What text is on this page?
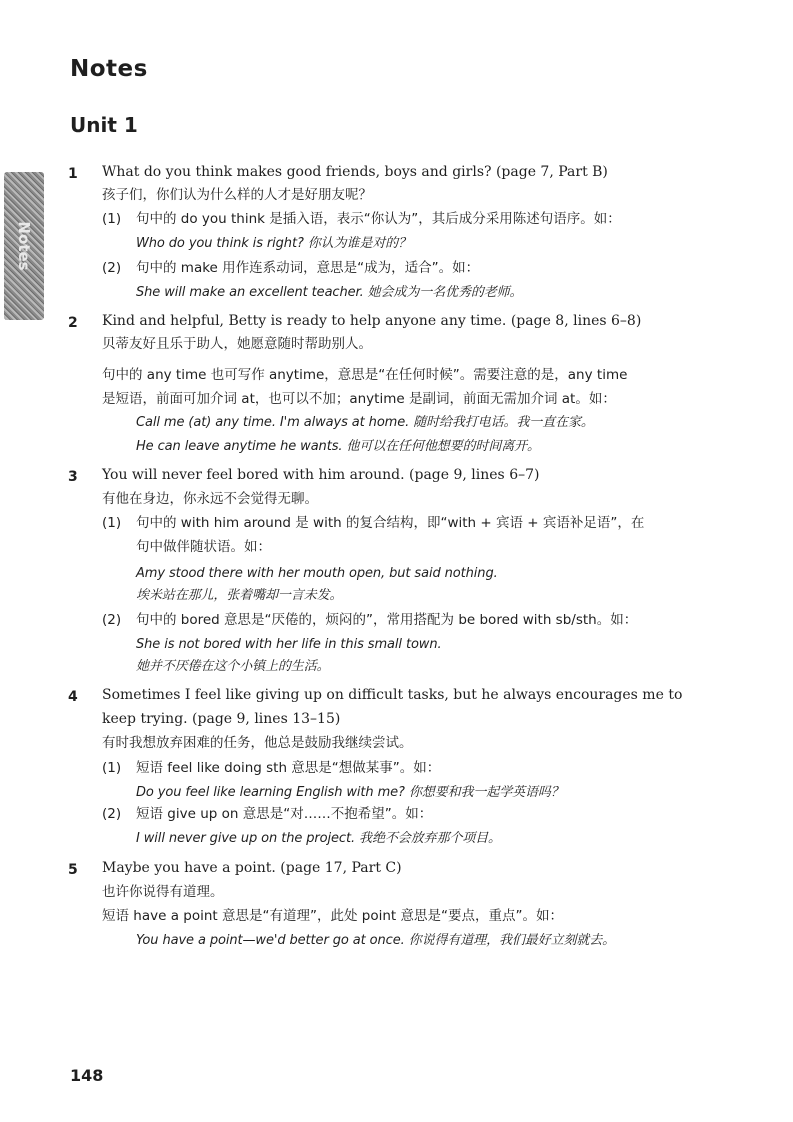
Notes
Unit 1
Notes
1 What do you think makes good friends, boys and girls? (page 7, Part B)
孩子们，你们认为什么样的人才是好朋友呢？
(1) 句中的 do you think 是插入语，表示“你认为”，其后成分采用陈述句语序。如：
Who do you think is right? 你认为谁是对的？
(2) 句中的 make 用作连系动词，意思是“成为，适合”。如：
She will make an excellent teacher. 她会成为一名优秀的老师。
2 Kind and helpful, Betty is ready to help anyone any time. (page 8, lines 6–8)
贝蒂友好且乐于助人，她愿意随时帮助别人。
句中的 any time 也可写作 anytime，意思是“在任何时候”。需要注意的是，any time
是短语，前面可加介词 at，也可以不加；anytime 是副词，前面无需加介词 at。如：
Call me (at) any time. I'm always at home. 随时给我打电话。我一直在家。
He can leave anytime he wants. 他可以在任何他想要的时间离开。
3 You will never feel bored with him around. (page 9, lines 6–7)
有他在身边，你永远不会觉得无聊。
(1) 句中的 with him around 是 with 的复合结构，即“with + 宾语 + 宾语补足语”，在
句中做伴随状语。如：
Amy stood there with her mouth open, but said nothing.
埃米站在那儿，张着嘴却一言未发。
(2) 句中的 bored 意思是“厌倦的，烦闷的”，常用搭配为 be bored with sb/sth。如：
She is not bored with her life in this small town.
她并不厌倦在这个小镇上的生活。
4 Sometimes I feel like giving up on difficult tasks, but he always encourages me to
keep trying. (page 9, lines 13–15)
有时我想放弃困难的任务，他总是鼓励我继续尝试。
(1) 短语 feel like doing sth 意思是“想做某事”。如：
Do you feel like learning English with me? 你想要和我一起学英语吗？
(2) 短语 give up on 意思是“对……不抱希望”。如：
I will never give up on the project. 我绝不会放弃那个项目。
5 Maybe you have a point. (page 17, Part C)
也许你说得有道理。
短语 have a point 意思是“有道理”，此处 point 意思是“要点，重点”。如：
You have a point—we'd better go at once. 你说得有道理，我们最好立刻就去。
148
